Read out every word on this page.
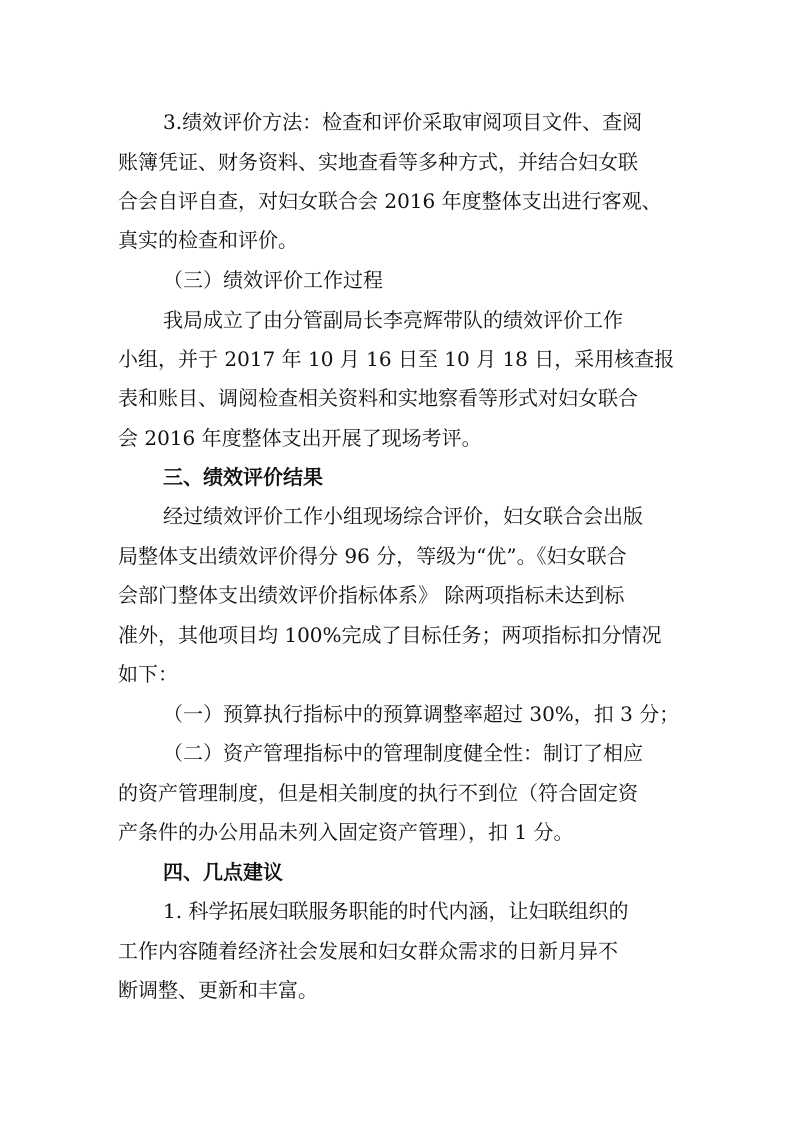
3.绩效评价方法：检查和评价采取审阅项目文件、查阅
账簿凭证、财务资料、实地查看等多种方式，并结合妇女联
合会自评自查，对妇女联合会 2016 年度整体支出进行客观、
真实的检查和评价。
（三）绩效评价工作过程
我局成立了由分管副局长李亮辉带队的绩效评价工作
小组，并于 2017 年 10 月 16 日至 10 月 18 日，采用核查报
表和账目、调阅检查相关资料和实地察看等形式对妇女联合
会 2016 年度整体支出开展了现场考评。
三、绩效评价结果
经过绩效评价工作小组现场综合评价，妇女联合会出版
局整体支出绩效评价得分 96 分，等级为“优”。《妇女联合
会部门整体支出绩效评价指标体系》 除两项指标未达到标
准外，其他项目均 100%完成了目标任务；两项指标扣分情况
如下：
（一）预算执行指标中的预算调整率超过 30%，扣 3 分；
（二）资产管理指标中的管理制度健全性：制订了相应
的资产管理制度，但是相关制度的执行不到位（符合固定资
产条件的办公用品未列入固定资产管理），扣 1 分。
四、几点建议
1. 科学拓展妇联服务职能的时代内涵，让妇联组织的
工作内容随着经济社会发展和妇女群众需求的日新月异不
断调整、更新和丰富。
